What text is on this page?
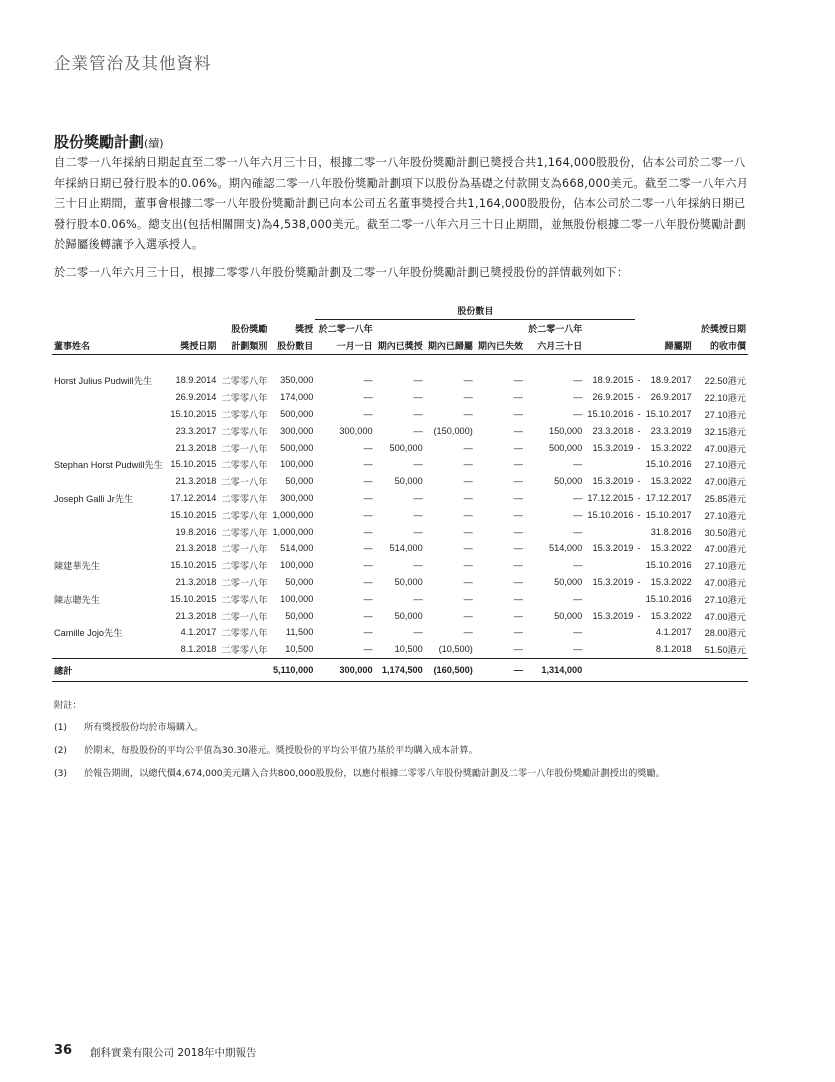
企業管治及其他資料
股份獎勵計劃(續)
自二零一八年採納日期起直至二零一八年六月三十日，根據二零一八年股份獎勵計劃已獎授合共1,164,000股股份，佔本公司於二零一八年採納日期已發行股本的0.06%。期內確認二零一八年股份獎勵計劃項下以股份為基礎之付款開支為668,000美元。截至二零一八年六月三十日止期間，董事會根據二零一八年股份獎勵計劃已向本公司五名董事獎授合共1,164,000股股份，佔本公司於二零一八年採納日期已發行股本0.06%。總支出(包括相關開支)為4,538,000美元。截至二零一八年六月三十日止期間，並無股份根據二零一八年股份獎勵計劃於歸屬後轉讓予入選承授人。
於二零一八年六月三十日，根據二零零八年股份獎勵計劃及二零一八年股份獎勵計劃已獎授股份的詳情載列如下：
				股份數目									
		股份獎勵	獎授	於二零一八年				於二零一八年					於獎授日期
董事姓名	獎授日期	計劃類別	股份數目	一月一日	期內已獎授	期內已歸屬	期內已失效	六月三十日			歸屬期		的收市價

Horst Julius Pudwill先生	18.9.2014	二零零八年	350,000	—	—	—	—	—	18.9.2015	-	18.9.2017		22.50港元
	26.9.2014	二零零八年	174,000	—	—	—	—	—	26.9.2015	-	26.9.2017		22.10港元
	15.10.2015	二零零八年	500,000	—	—	—	—	—	15.10.2016	-	15.10.2017		27.10港元
	23.3.2017	二零零八年	300,000	300,000	—	(150,000)	—	150,000	23.3.2018	-	23.3.2019		32.15港元
	21.3.2018	二零一八年	500,000	—	500,000	—	—	500,000	15.3.2019	-	15.3.2022		47.00港元
Stephan Horst Pudwill先生	15.10.2015	二零零八年	100,000	—	—	—	—	—			15.10.2016		27.10港元
	21.3.2018	二零一八年	50,000	—	50,000	—	—	50,000	15.3.2019	-	15.3.2022		47.00港元
Joseph Galli Jr先生	17.12.2014	二零零八年	300,000	—	—	—	—	—	17.12.2015	-	17.12.2017		25.85港元
	15.10.2015	二零零八年	1,000,000	—	—	—	—	—	15.10.2016	-	15.10.2017		27.10港元
	19.8.2016	二零零八年	1,000,000	—	—	—	—	—			31.8.2016		30.50港元
	21.3.2018	二零一八年	514,000	—	514,000	—	—	514,000	15.3.2019	-	15.3.2022		47.00港元
陳建華先生	15.10.2015	二零零八年	100,000	—	—	—	—	—			15.10.2016		27.10港元
	21.3.2018	二零一八年	50,000	—	50,000	—	—	50,000	15.3.2019	-	15.3.2022		47.00港元
陳志聰先生	15.10.2015	二零零八年	100,000	—	—	—	—	—			15.10.2016		27.10港元
	21.3.2018	二零一八年	50,000	—	50,000	—	—	50,000	15.3.2019	-	15.3.2022		47.00港元
Camille Jojo先生	4.1.2017	二零零八年	11,500	—	—	—	—	—			4.1.2017		28.00港元
	8.1.2018	二零零八年	10,500	—	10,500	(10,500)	—	—			8.1.2018		51.50港元
總計			5,110,000	300,000	1,174,500	(160,500)	—	1,314,000					
附註：
(1) 所有獎授股份均於市場購入。
(2) 於期末，每股股份的平均公平值為30.30港元。獎授股份的平均公平值乃基於平均購入成本計算。
(3) 於報告期間，以總代價4,674,000美元購入合共800,000股股份，以應付根據二零零八年股份獎勵計劃及二零一八年股份獎勵計劃授出的獎勵。
36 創科實業有限公司 2018年中期報告
